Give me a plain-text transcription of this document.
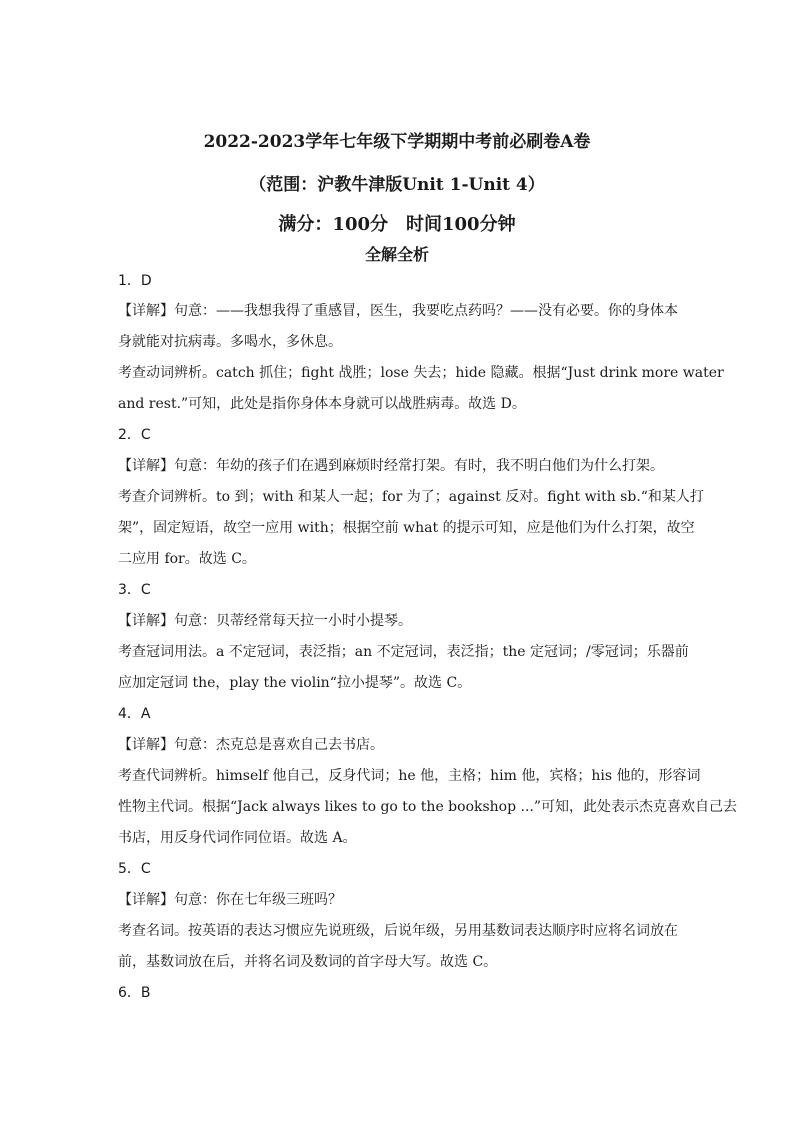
2022-2023学年七年级下学期期中考前必刷卷A卷
（范围：沪教牛津版Unit 1-Unit 4）
满分：100分　时间100分钟
全解全析
1．D
【详解】句意：——我想我得了重感冒，医生，我要吃点药吗？——没有必要。你的身体本
身就能对抗病毒。多喝水，多休息。
考查动词辨析。catch 抓住；fight 战胜；lose 失去；hide 隐藏。根据“Just drink more water
and rest.”可知，此处是指你身体本身就可以战胜病毒。故选 D。
2．C
【详解】句意：年幼的孩子们在遇到麻烦时经常打架。有时，我不明白他们为什么打架。
考查介词辨析。to 到；with 和某人一起；for 为了；against 反对。fight with sb.“和某人打
架”，固定短语，故空一应用 with；根据空前 what 的提示可知，应是他们为什么打架，故空
二应用 for。故选 C。
3．C
【详解】句意：贝蒂经常每天拉一小时小提琴。
考查冠词用法。a 不定冠词，表泛指；an 不定冠词，表泛指；the 定冠词；/零冠词；乐器前
应加定冠词 the，play the violin“拉小提琴”。故选 C。
4．A
【详解】句意：杰克总是喜欢自己去书店。
考查代词辨析。himself 他自己，反身代词；he 他，主格；him 他，宾格；his 他的，形容词
性物主代词。根据“Jack always likes to go to the bookshop ...”可知，此处表示杰克喜欢自己去
书店，用反身代词作同位语。故选 A。
5．C
【详解】句意：你在七年级三班吗？
考查名词。按英语的表达习惯应先说班级，后说年级，另用基数词表达顺序时应将名词放在
前，基数词放在后，并将名词及数词的首字母大写。故选 C。
6．B
